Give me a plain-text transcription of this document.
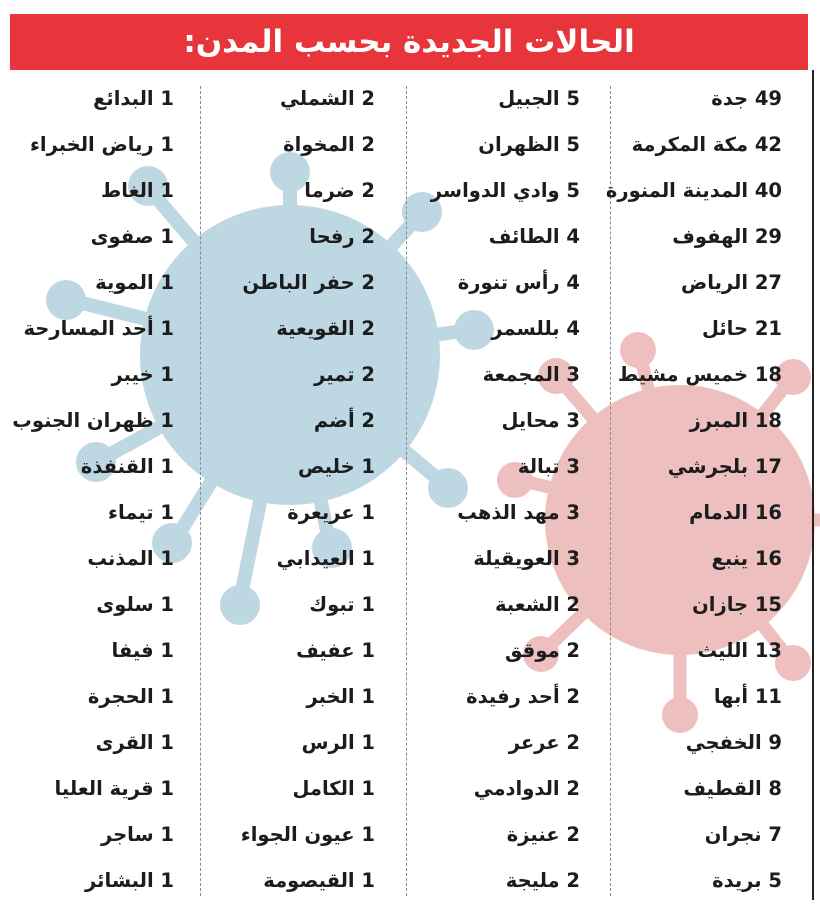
الحالات الجديدة بحسب المدن:
49 جدة
42 مكة المكرمة
40 المدينة المنورة
29 الهفوف
27 الرياض
21 حائل
18 خميس مشيط
18 المبرز
17 بلجرشي
16 الدمام
16 ينبع
15 جازان
13 الليث
11 أبها
9 الخفجي
8 القطيف
7 نجران
5 بريدة
5 الجبيل
5 الظهران
5 وادي الدواسر
4 الطائف
4 رأس تنورة
4 بللسمر
3 المجمعة
3 محايل
3 تبالة
3 مهد الذهب
3 العويقيلة
2 الشعبة
2 موقق
2 أحد رفيدة
2 عرعر
2 الدوادمي
2 عنيزة
2 مليجة
2 الشملي
2 المخواة
2 ضرما
2 رفحا
2 حفر الباطن
2 القويعية
2 تمير
2 أضم
1 خليص
1 عريعرة
1 العيدابي
1 تبوك
1 عفيف
1 الخبر
1 الرس
1 الكامل
1 عيون الجواء
1 القيصومة
1 البدائع
1 رياض الخبراء
1 الغاط
1 صفوى
1 الموية
1 أحد المسارحة
1 خيبر
1 ظهران الجنوب
1 القنفذة
1 تيماء
1 المذنب
1 سلوى
1 فيفا
1 الحجرة
1 القرى
1 قرية العليا
1 ساجر
1 البشائر
